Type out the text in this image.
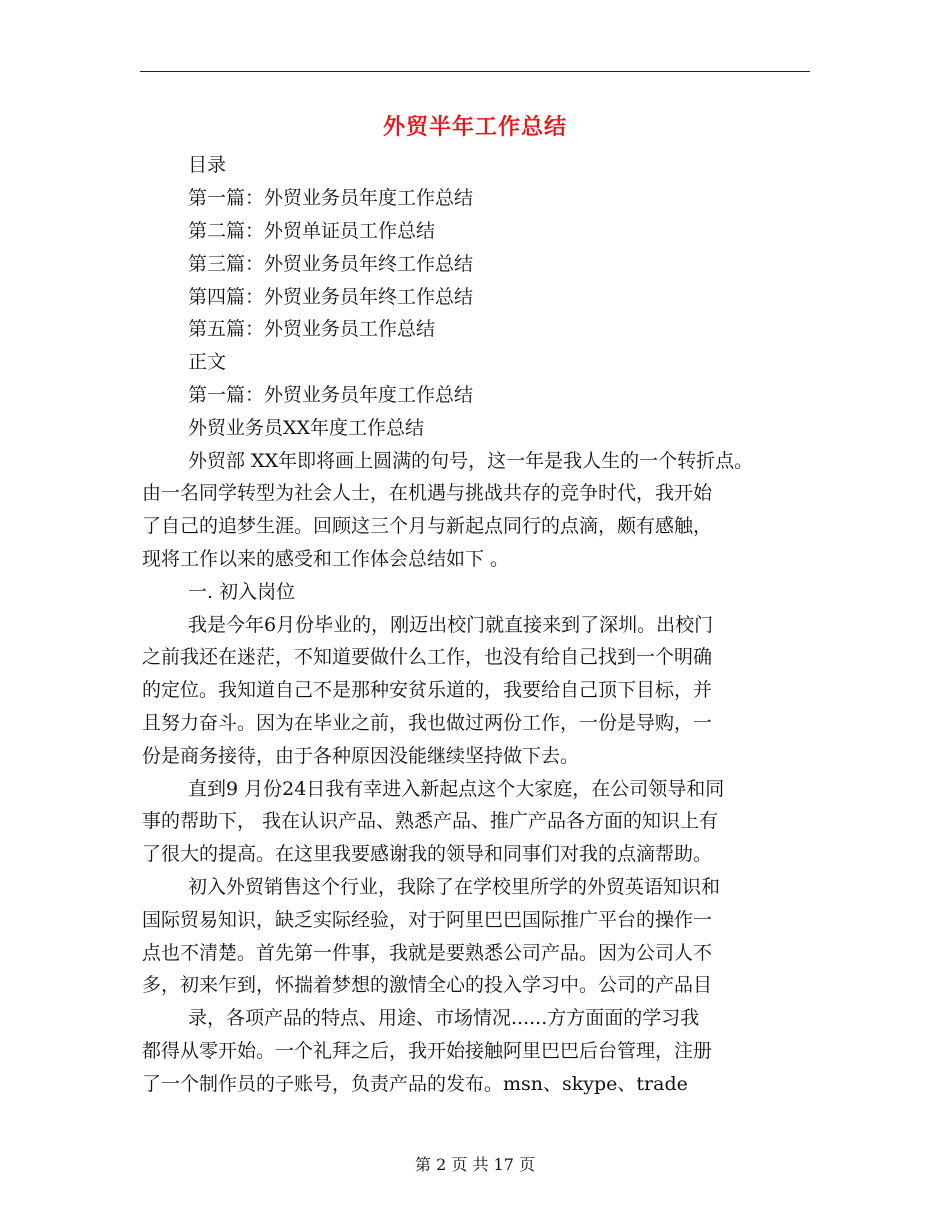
外贸半年工作总结
目录
第一篇：外贸业务员年度工作总结
第二篇：外贸单证员工作总结
第三篇：外贸业务员年终工作总结
第四篇：外贸业务员年终工作总结
第五篇：外贸业务员工作总结
正文
第一篇：外贸业务员年度工作总结
外贸业务员XX年度工作总结
外贸部 XX年即将画上圆满的句号，这一年是我人生的一个转折点。
由一名同学转型为社会人士，在机遇与挑战共存的竞争时代，我开始
了自己的追梦生涯。回顾这三个月与新起点同行的点滴，颇有感触，
现将工作以来的感受和工作体会总结如下 。
一. 初入岗位
我是今年6月份毕业的，刚迈出校门就直接来到了深圳。出校门
之前我还在迷茫，不知道要做什么工作，也没有给自己找到一个明确
的定位。我知道自己不是那种安贫乐道的，我要给自己顶下目标，并
且努力奋斗。因为在毕业之前，我也做过两份工作，一份是导购，一
份是商务接待，由于各种原因没能继续坚持做下去。
直到9 月份24日我有幸进入新起点这个大家庭，在公司领导和同
事的帮助下， 我在认识产品、熟悉产品、推广产品各方面的知识上有
了很大的提高。在这里我要感谢我的领导和同事们对我的点滴帮助。
初入外贸销售这个行业，我除了在学校里所学的外贸英语知识和
国际贸易知识，缺乏实际经验，对于阿里巴巴国际推广平台的操作一
点也不清楚。首先第一件事，我就是要熟悉公司产品。因为公司人不
多，初来乍到，怀揣着梦想的激情全心的投入学习中。公司的产品目
录，各项产品的特点、用途、市场情况......方方面面的学习我
都得从零开始。一个礼拜之后，我开始接触阿里巴巴后台管理，注册
了一个制作员的子账号，负责产品的发布。msn、skype、trade
第 2 页 共 17 页
